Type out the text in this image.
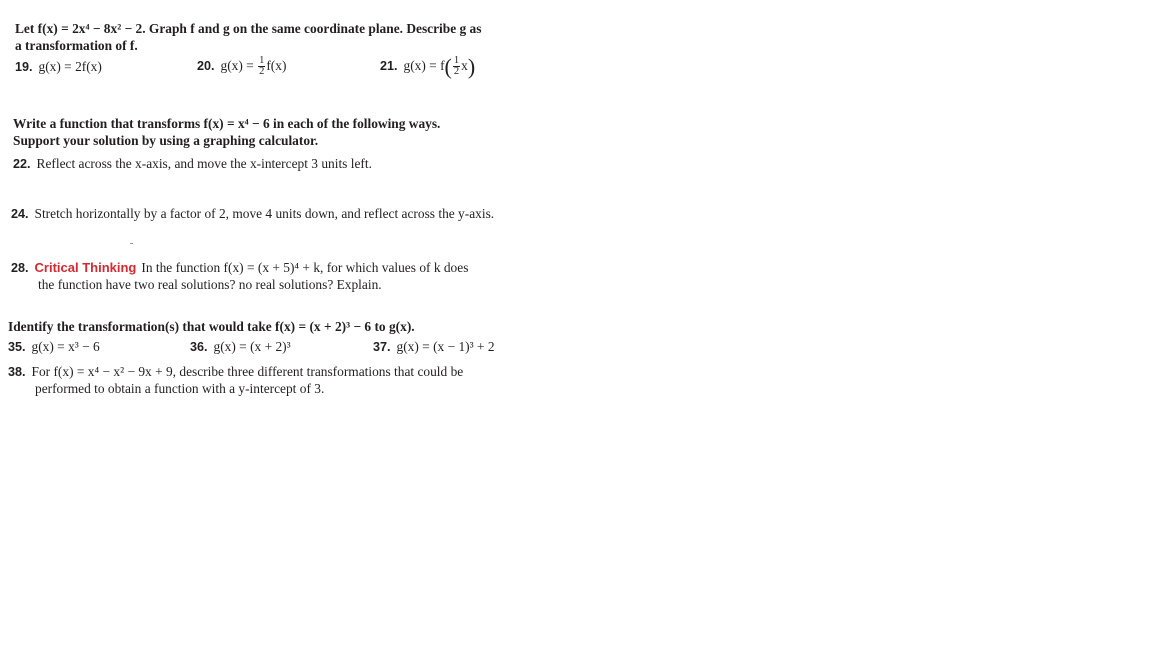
Let f(x) = 2x⁴ − 8x² − 2. Graph f and g on the same coordinate plane. Describe g as
a transformation of f.
19. g(x) = 2f(x)	20. $g(x) = \frac{1}{2} f(x)$	21. $g(x) = f( \frac{1}{2} x)$
Write a function that transforms f(x) = x⁴ − 6 in each of the following ways.
Support your solution by using a graphing calculator.
22. Reflect across the x-axis, and move the x-intercept 3 units left.
24. Stretch horizontally by a factor of 2, move 4 units down, and reflect across the y-axis.
28. Critical Thinking In the function f(x) = (x + 5)⁴ + k, for which values of k does
the function have two real solutions? no real solutions? Explain.
Identify the transformation(s) that would take f(x) = (x + 2)³ − 6 to g(x).
35. g(x) = x³ − 6	36. g(x) = (x + 2)³	37. g(x) = (x − 1)³ + 2
38. For f(x) = x⁴ − x² − 9x + 9, describe three different transformations that could be
performed to obtain a function with a y-intercept of 3.
